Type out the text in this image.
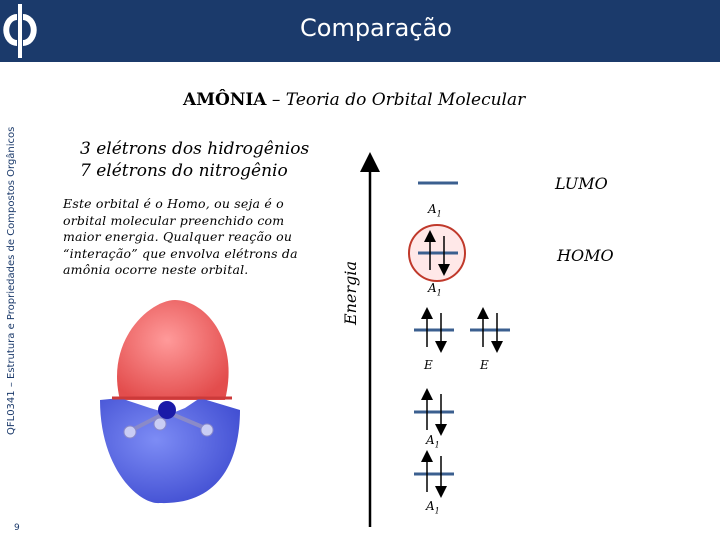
Comparação
QFL0341 – Estrutura e Propriedades de Compostos Orgânicos
9
AMÔNIA – Teoria do Orbital Molecular
3 elétrons dos hidrogênios
7 elétrons do nitrogênio
Este orbital é o Homo, ou seja é o orbital molecular preenchido com maior energia. Qualquer reação ou “interação” que envolva elétrons da amônia ocorre neste orbital.	Energia
$A_1$
LUMO
$A_1$
HOMO
E	E
$A_1$
$A_1$
